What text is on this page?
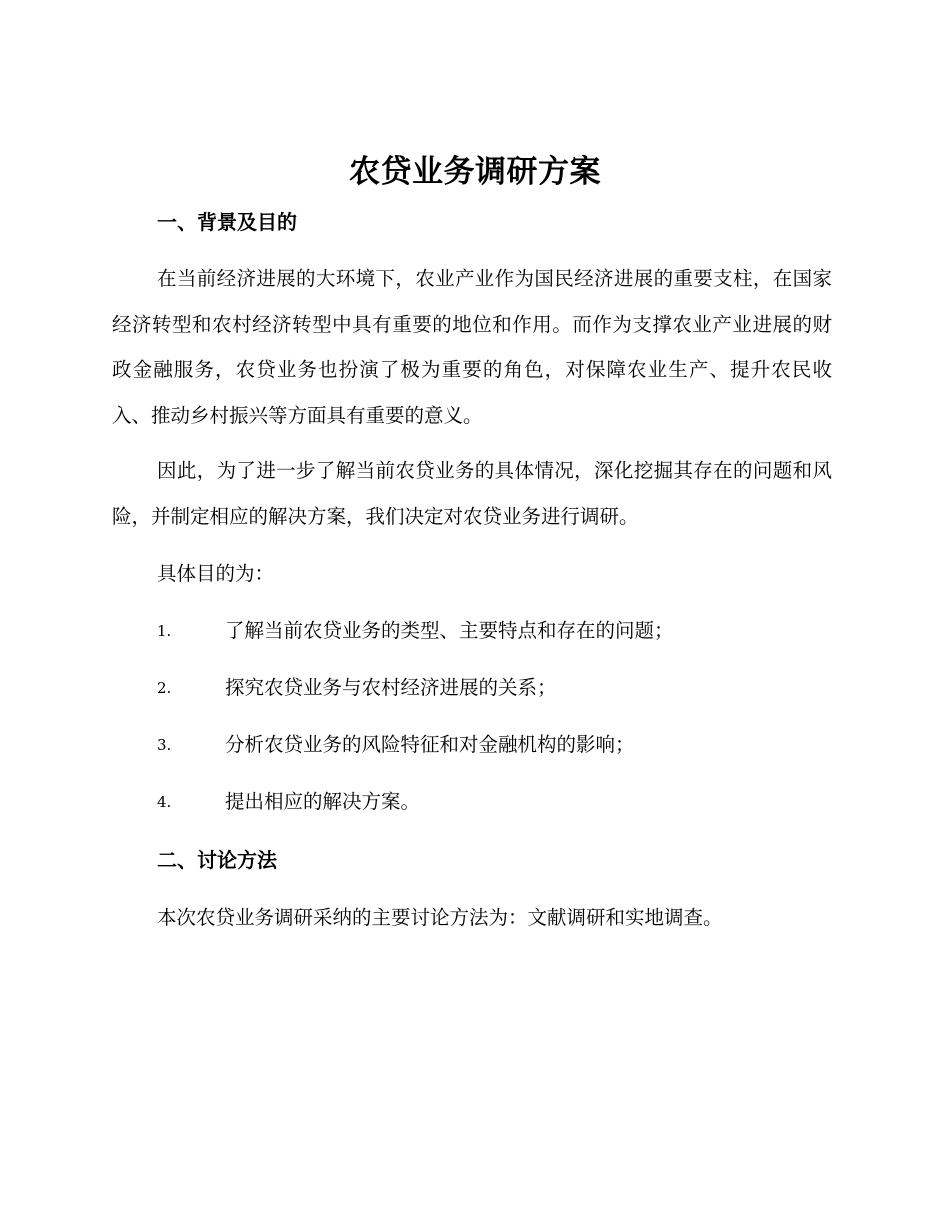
农贷业务调研方案
一、背景及目的

在当前经济进展的大环境下，农业产业作为国民经济进展的重要支柱，在国家经济转型和农村经济转型中具有重要的地位和作用。而作为支撑农业产业进展的财政金融服务，农贷业务也扮演了极为重要的角色，对保障农业生产、提升农民收入、推动乡村振兴等方面具有重要的意义。

因此，为了进一步了解当前农贷业务的具体情况，深化挖掘其存在的问题和风险，并制定相应的解决方案，我们决定对农贷业务进行调研。

具体目的为：
1.	了解当前农贷业务的类型、主要特点和存在的问题；
2.	探究农贷业务与农村经济进展的关系；
3.	分析农贷业务的风险特征和对金融机构的影响；
4.	提出相应的解决方案。
二、讨论方法
本次农贷业务调研采纳的主要讨论方法为：文献调研和实地调查。
